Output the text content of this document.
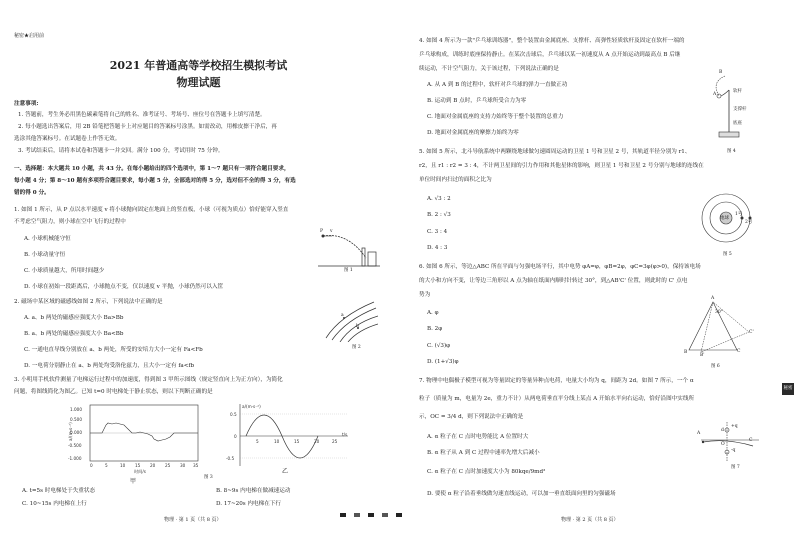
秘密★启用前
2021 年普通高等学校招生模拟考试
物理试题
注意事项:
1. 答题前，考生务必用黑色碳素笔将自己的姓名、准考证号、考场号、座位号在答题卡上填写清楚。
2. 每小题选出答案后，用 2B 铅笔把答题卡上对应题目的答案标号涂黑。如需改动，用橡皮擦干净后，再
选涂其他答案标号。在试题卷上作答无效。
3. 考试结束后，请将本试卷和答题卡一并交回。满分 100 分，考试用时 75 分钟。
一、选择题：本大题共 10 小题，共 43 分。在每小题给出的四个选项中，第 1～7 题只有一项符合题目要求，
每小题 4 分；第 8～10 题有多项符合题目要求，每小题 5 分，全部选对的得 5 分，选对但不全的得 3 分，有选
错的得 0 分。
1. 如图 1 所示，从 P 点以水平速度 v 将小球抛向固定在地面上的竖直板，小球（可视为质点）恰好能穿入竖直
不考虑空气阻力，则小球在空中飞行的过程中
A. 小球机械能守恒
B. 小球动量守恒
C. 小球质量越大，所用时间越少
D. 小球在初始一段距离后，小球抛点不变，仅以速度 v 平抛，小球仍然可以入筐
P v
图 1
2. 磁场中某区域的磁感线如图 2 所示，下列说法中正确的是
A. a、b 两处的磁感应强度大小 Ba>Bb
B. a、b 两处的磁感应强度大小 Ba<Bb
C. 一通电直导线分别放在 a、b 两处，所受的安培力大小一定有 Fa<Fb
D. 一电荷分别静止在 a、b 两处均受洛伦兹力，且大小一定有 fa<fb
a
b
图 2
3. 小明用手机软件测量了电梯运行过程中的加速度，得到图 3 甲所示图线（规定竖直向上为正方向），为简化
问题，将图线简化为图乙。已知 t=0 时电梯处于静止状态，则以下判断正确的是
1.000
0.500
0.000
-0.500
-1.000
0	5	10 15 20 25 30 35
时间/s
a/(m·s⁻²)
甲
0.5
0
-0.5
5	10	15	20	25
t/s
a/(m·s⁻²)
乙
图 3
A. t=5s 时电梯处于失重状态	B. 8~9s 内电梯在做减速运动
C. 10~15s 内电梯在上行	D. 17~20s 内电梯在下行
物理 · 第 1 页（共 8 页）
4. 如图 4 所示为一款"乒乓球训练器"，整个装置由金属底座、支撑杆、高弹性轻质软杆及固定在软杆一端的
乒乓球构成，训练时底座保持静止。在某次击球后，乒乓球以某一初速度从 A 点开始运动到最高点 B 后继
续运动，不计空气阻力，关于该过程，下列说法正确的是
A. 从 A 到 B 的过程中，软杆对乒乓球的弹力一直做正功
B. 运动到 B 点时，乒乓球所受合力为零
C. 地面对金属底座的支持力始终等于整个装置的总重力
D. 地面对金属底座的摩擦力始终为零
B
A
软杆
支撑杆
底座
图 4
5. 如图 5 所示，北斗导航系统中两颗绕地球做匀速圆周运动的卫星 1 号和卫星 2 号，其轨道半径分别为 r1、
r2，且 r1 : r2 = 3 : 4，不计两卫星间的引力作用和其他星体的影响，则卫星 1 号和卫星 2 号分别与地球的连线在
单位时间内扫过的面积之比为
A. √3 : 2
B. 2 : √3
C. 3 : 4
D. 4 : 3
地球
1号
2号
图 5
6. 如图 6 所示，等边△ABC 所在平面与匀强电场平行，其中电势 φA=φ，φB=2φ，φC=3φ(φ>0)，保持该电场
的大小和方向不变，让等边三角形以 A 点为轴在纸面内顺时针转过 30°，到△AB'C' 位置，则此时的 C' 点电
势为
A. φ
B. 2φ
C. (√3)φ
D. (1+√3)φ
A
B	C
B'
C'
30°
图 6
7. 物理中电偶极子模型可视为等量固定的等量异种点电荷，电量大小均为 q，间距为 2d。如图 7 所示，一个 α
粒子（质量为 m，电量为 2e，重力不计）从两电荷垂直平分线上某点 A 开始水平向右运动，恰好沿图中实线所
示，OC = 3/4 d，则下列说法中正确的是
A. α 粒子在 C 点时电势能比 A 位置时大
B. α 粒子从 A 到 C 过程中速率先增大后减小
C. α 粒子在 C 点时加速度大小为 80kqe/9md²
D. 要使 α 粒子沿着垂线做匀速直线运动，可以加一垂直纸面向里的匀强磁场
A
+q
-q
O
C
d
图 7
物理 · 第 2 页（共 8 页）
秘密
